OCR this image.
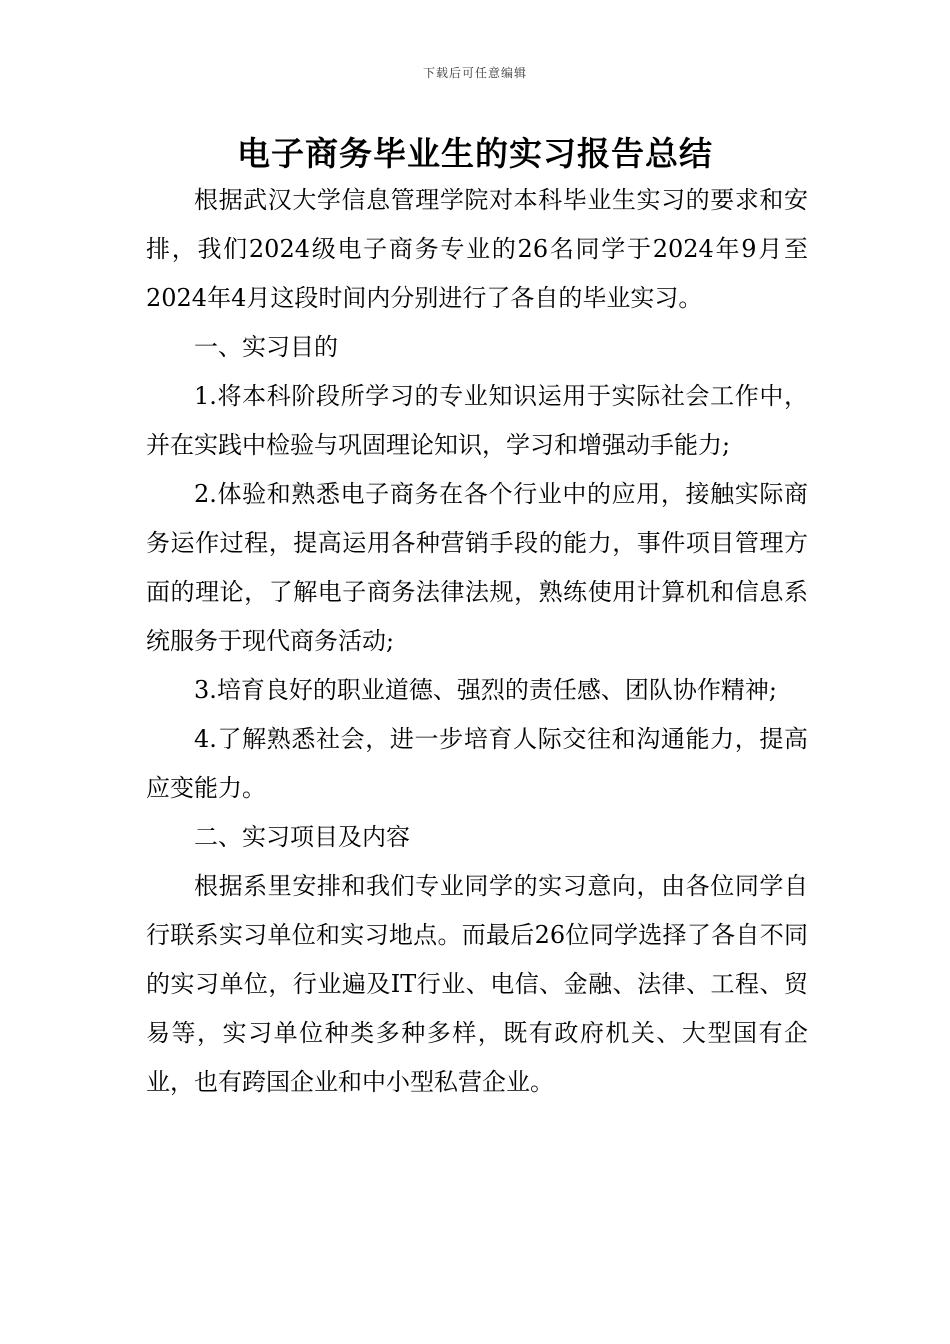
下载后可任意编辑
电子商务毕业生的实习报告总结

根据武汉大学信息管理学院对本科毕业生实习的要求和安排，我们2024级电子商务专业的26名同学于2024年9月至2024年4月这段时间内分别进行了各自的毕业实习。

一、实习目的

1.将本科阶段所学习的专业知识运用于实际社会工作中，并在实践中检验与巩固理论知识，学习和增强动手能力;

2.体验和熟悉电子商务在各个行业中的应用，接触实际商务运作过程，提高运用各种营销手段的能力，事件项目管理方面的理论，了解电子商务法律法规，熟练使用计算机和信息系统服务于现代商务活动;

3.培育良好的职业道德、强烈的责任感、团队协作精神;

4.了解熟悉社会，进一步培育人际交往和沟通能力，提高应变能力。

二、实习项目及内容

根据系里安排和我们专业同学的实习意向，由各位同学自行联系实习单位和实习地点。而最后26位同学选择了各自不同的实习单位，行业遍及IT行业、电信、金融、法律、工程、贸易等，实习单位种类多种多样，既有政府机关、大型国有企业，也有跨国企业和中小型私营企业。
